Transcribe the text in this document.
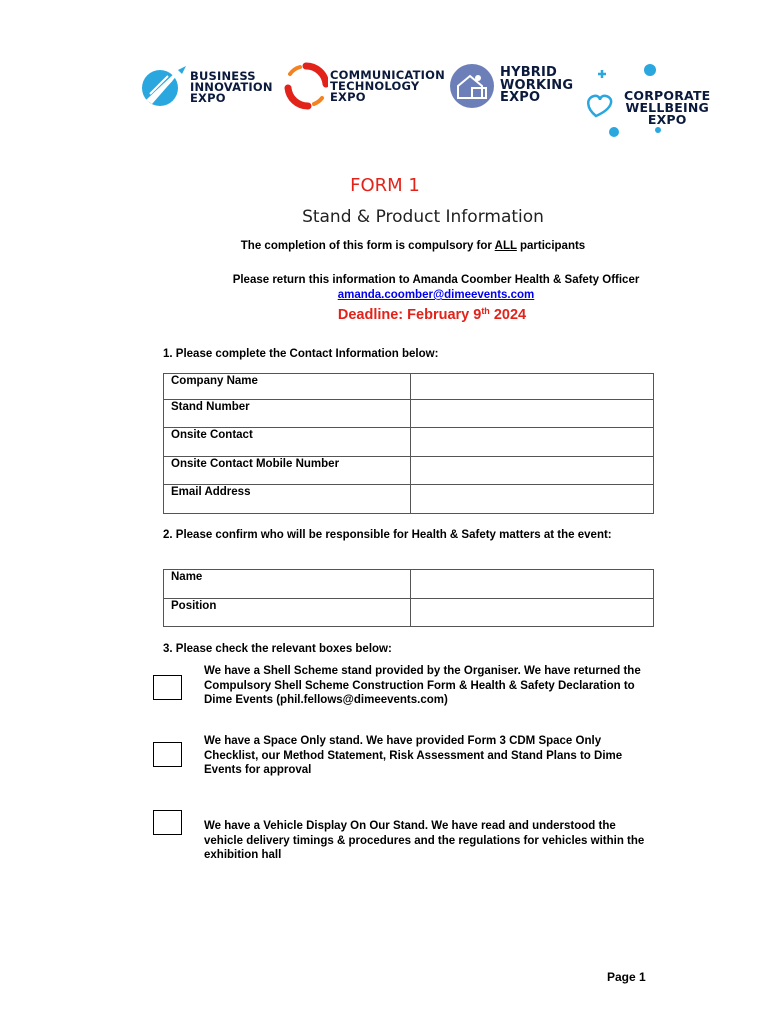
BUSINESS
INNOVATION
EXPO
COMMUNICATION
TECHNOLOGY
EXPO
HYBRID
WORKING
EXPO	CORPORATE
WELLBEING
EXPO
FORM 1
Stand & Product Information
The completion of this form is compulsory for ALL participants
Please return this information to Amanda Coomber Health & Safety Officer
amanda.coomber@dimeevents.com
Deadline: February 9th 2024
1. Please complete the Contact Information below:
Company Name	
Stand Number	
Onsite Contact	
Onsite Contact Mobile Number	
Email Address	
2. Please confirm who will be responsible for Health & Safety matters at the event:
Name	
Position	
3. Please check the relevant boxes below:
We have a Shell Scheme stand provided by the Organiser. We have returned the Compulsory Shell Scheme Construction Form & Health & Safety Declaration to Dime Events (phil.fellows@dimeevents.com)
We have a Space Only stand. We have provided Form 3 CDM Space Only Checklist, our Method Statement, Risk Assessment and Stand Plans to Dime Events for approval
We have a Vehicle Display On Our Stand. We have read and understood the vehicle delivery timings & procedures and the regulations for vehicles within the exhibition hall
Page 1
